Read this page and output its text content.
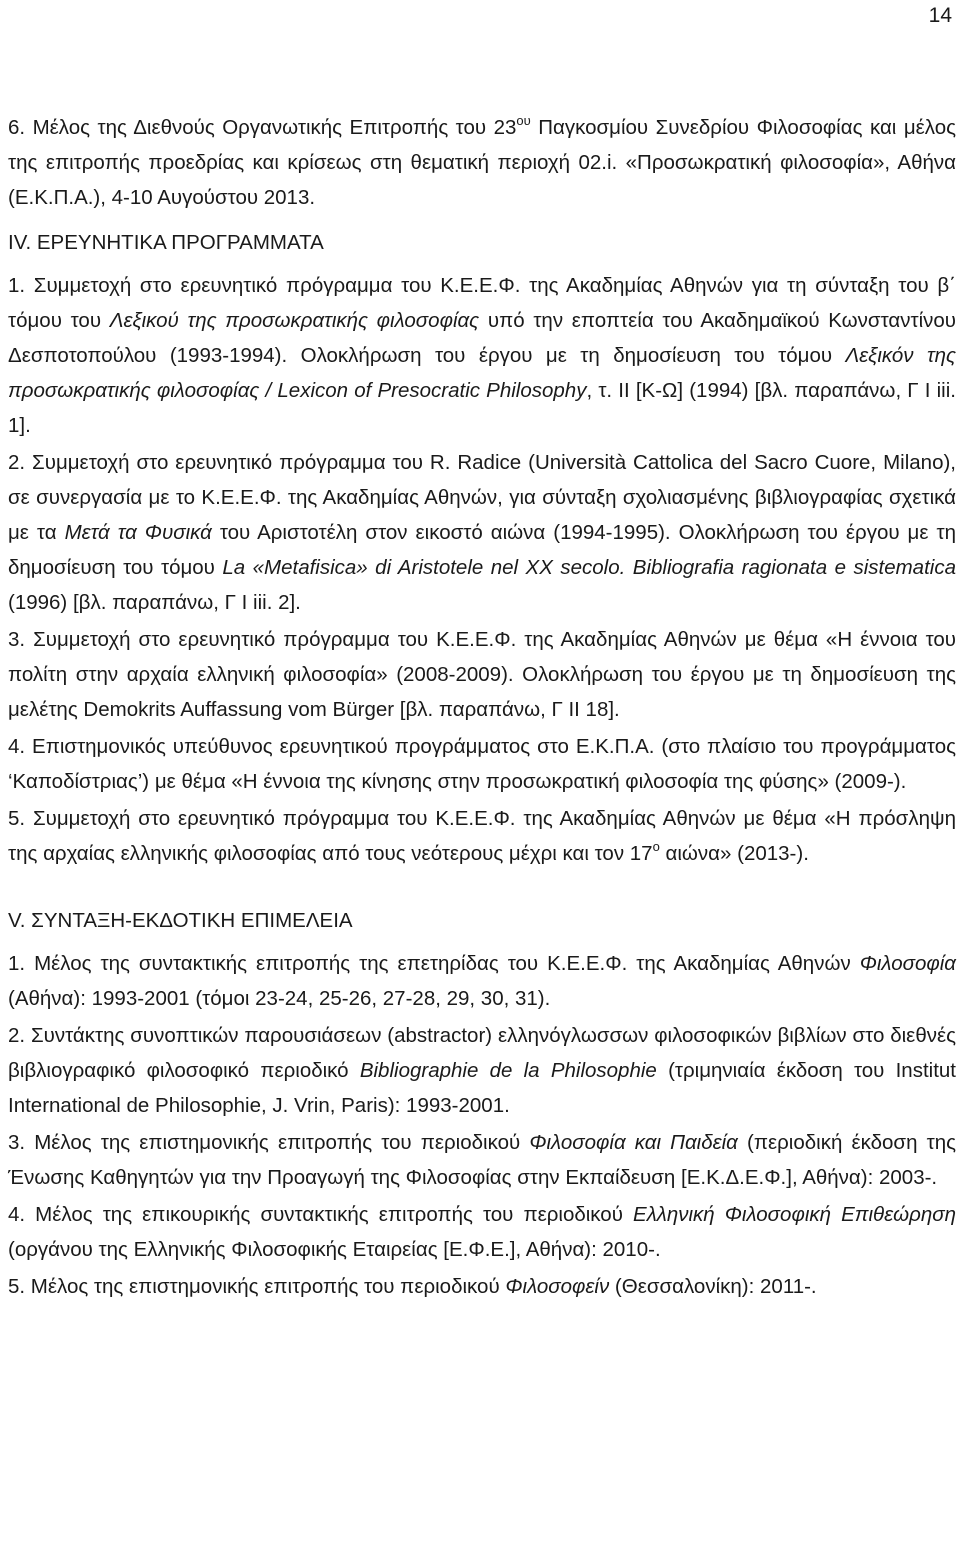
14

6. Μέλος της Διεθνούς Οργανωτικής Επιτροπής του $23^{o\upsilon}$ Παγκοσμίου Συνεδρίου Φιλοσοφίας και μέλος της επιτροπής προεδρίας και κρίσεως στη θεματική περιοχή 02.i. «Προσωκρατική φιλοσοφία», Αθήνα (Ε.Κ.Π.Α.), 4-10 Αυγούστου 2013.

IV. ΕΡΕΥΝΗΤΙΚΑ ΠΡΟΓΡΑΜΜΑΤΑ

1. Συμμετοχή στο ερευνητικό πρόγραμμα του Κ.Ε.Ε.Φ. της Ακαδημίας Αθηνών για τη σύνταξη του β΄ τόμου του Λεξικού της προσωκρατικής φιλοσοφίας υπό την εποπτεία του Ακαδημαϊκού Κωνσταντίνου Δεσποτοπούλου (1993-1994). Ολοκλήρωση του έργου με τη δημοσίευση του τόμου Λεξικόν της προσωκρατικής φιλοσοφίας / Lexicon of Presocratic Philosophy, τ. ΙΙ [Κ-Ω] (1994) [βλ. παραπάνω, Γ Ι iii. 1].

2. Συμμετοχή στο ερευνητικό πρόγραμμα του R. Radice (Università Cattolica del Sacro Cuore, Milano), σε συνεργασία με το Κ.Ε.Ε.Φ. της Ακαδημίας Αθηνών, για σύνταξη σχολιασμένης βιβλιογραφίας σχετικά με τα Μετά τα Φυσικά του Αριστοτέλη στον εικοστό αιώνα (1994-1995). Ολοκλήρωση του έργου με τη δημοσίευση του τόμου La «Metafisica» di Aristotele nel XX secolo. Bibliografia ragionata e sistematica (1996) [βλ. παραπάνω, Γ Ι iii. 2].

3. Συμμετοχή στο ερευνητικό πρόγραμμα του Κ.Ε.Ε.Φ. της Ακαδημίας Αθηνών με θέμα «Η έννοια του πολίτη στην αρχαία ελληνική φιλοσοφία» (2008-2009). Ολοκλήρωση του έργου με τη δημοσίευση της μελέτης Demokrits Auffassung vom Bürger [βλ. παραπάνω, Γ ΙΙ 18].

4. Επιστημονικός υπεύθυνος ερευνητικού προγράμματος στο Ε.Κ.Π.Α. (στο πλαίσιο του προγράμματος ‘Καποδίστριας’) με θέμα «Η έννοια της κίνησης στην προσωκρατική φιλοσοφία της φύσης» (2009-).

5. Συμμετοχή στο ερευνητικό πρόγραμμα του Κ.Ε.Ε.Φ. της Ακαδημίας Αθηνών με θέμα «Η πρόσληψη της αρχαίας ελληνικής φιλοσοφίας από τους νεότερους μέχρι και τον $17^o$ αιώνα» (2013-).

V. ΣΥΝΤΑΞΗ-ΕΚΔΟΤΙΚΗ ΕΠΙΜΕΛΕΙΑ

1. Μέλος της συντακτικής επιτροπής της επετηρίδας του Κ.Ε.Ε.Φ. της Ακαδημίας Αθηνών Φιλοσοφία (Αθήνα): 1993-2001 (τόμοι 23-24, 25-26, 27-28, 29, 30, 31).

2. Συντάκτης συνοπτικών παρουσιάσεων (abstractor) ελληνόγλωσσων φιλοσοφικών βιβλίων στο διεθνές βιβλιογραφικό φιλοσοφικό περιοδικό Bibliographie de la Philosophie (τριμηνιαία έκδοση του Institut International de Philosophie, J. Vrin, Paris): 1993-2001.

3. Μέλος της επιστημονικής επιτροπής του περιοδικού Φιλοσοφία και Παιδεία (περιοδική έκδοση της Ένωσης Καθηγητών για την Προαγωγή της Φιλοσοφίας στην Εκπαίδευση [Ε.Κ.Δ.Ε.Φ.], Αθήνα): 2003-.

4. Μέλος της επικουρικής συντακτικής επιτροπής του περιοδικού Ελληνική Φιλοσοφική Επιθεώρηση (οργάνου της Ελληνικής Φιλοσοφικής Εταιρείας [Ε.Φ.Ε.], Αθήνα): 2010-.

5. Μέλος της επιστημονικής επιτροπής του περιοδικού Φιλοσοφείν (Θεσσαλονίκη): 2011-.
